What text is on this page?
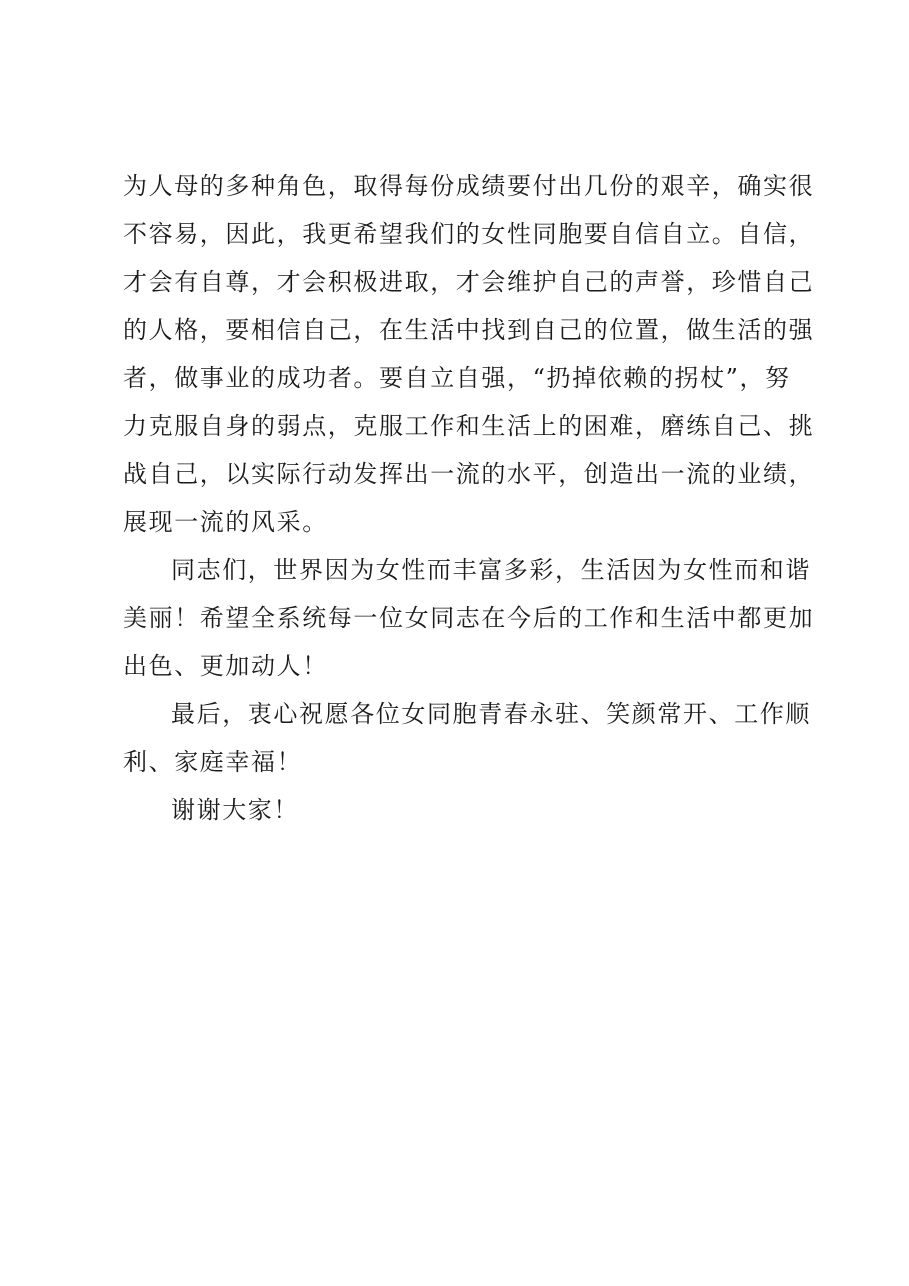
为人母的多种角色，取得每份成绩要付出几份的艰辛，确实很
不容易，因此，我更希望我们的女性同胞要自信自立。自信，
才会有自尊，才会积极进取，才会维护自己的声誉，珍惜自己
的人格，要相信自己，在生活中找到自己的位置，做生活的强
者，做事业的成功者。要自立自强，“扔掉依赖的拐杖”，努
力克服自身的弱点，克服工作和生活上的困难，磨练自己、挑
战自己，以实际行动发挥出一流的水平，创造出一流的业绩，
展现一流的风采。
同志们，世界因为女性而丰富多彩，生活因为女性而和谐
美丽！希望全系统每一位女同志在今后的工作和生活中都更加
出色、更加动人！
最后，衷心祝愿各位女同胞青春永驻、笑颜常开、工作顺
利、家庭幸福！
谢谢大家！
